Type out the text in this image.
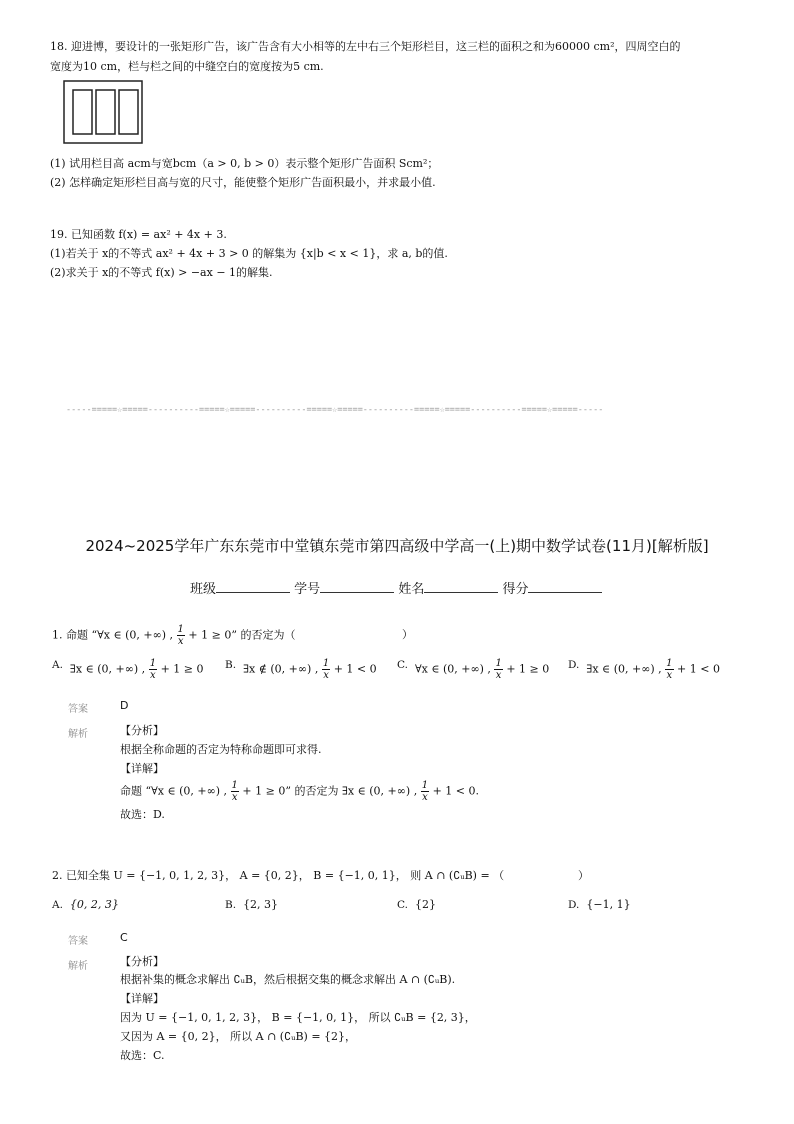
18. 迎进博，要设计的一张矩形广告，该广告含有大小相等的左中右三个矩形栏目，这三栏的面积之和为60000 cm²，四周空白的
宽度为10 cm，栏与栏之间的中缝空白的宽度按为5 cm.
(1) 试用栏目高 acm与宽bcm（a > 0, b > 0）表示整个矩形广告面积 Scm²；
(2) 怎样确定矩形栏目高与宽的尺寸，能使整个矩形广告面积最小，并求最小值.
19. 已知函数 f(x) = ax² + 4x + 3.
(1)若关于 x的不等式 ax² + 4x + 3 > 0 的解集为 {x|b < x < 1}，求 a, b的值.
(2)求关于 x的不等式 f(x) > −ax − 1的解集.
-----=====☆=====----------=====☆=====----------=====☆=====----------=====☆=====----------=====☆=====-----
2024~2025学年广东东莞市中堂镇东莞市第四高级中学高一(上)期中数学试卷(11月)[解析版]
班级	学号	姓名	得分
1. 命题 “∀x ∈ (0, +∞) , $\frac{1}{x} + 1 \ge 0$” 的否定为（	）
A. ∃x ∈ (0, +∞) , $\frac{1}{x} + 1 \ge 0$ B. ∃x ∉ (0, +∞) , $\frac{1}{x} + 1 < 0$ C. ∀x ∈ (0, +∞) , $\frac{1}{x} + 1 \ge 0$ D. ∃x ∈ (0, +∞) , $\frac{1}{x} + 1 < 0$
答案	D
解析	【分析】
根据全称命题的否定为特称命题即可求得.
【详解】
命题 “∀x ∈ (0, +∞) , $\frac{1}{x} + 1 \ge 0$” 的否定为 ∃x ∈ (0, +∞) , $\frac{1}{x} + 1 < 0$.
故选：D.
2. 已知全集 U = {−1, 0, 1, 2, 3}， A = {0, 2}， B = {−1, 0, 1}， 则 A ∩ (∁ᵤB) = （	）
A. {0, 2, 3}	B. {2, 3}	C. {2}	D. {−1, 1}
答案	C
解析	【分析】
根据补集的概念求解出 ∁ᵤB，然后根据交集的概念求解出 A ∩ (∁ᵤB).
【详解】
因为 U = {−1, 0, 1, 2, 3}， B = {−1, 0, 1}， 所以 ∁ᵤB = {2, 3}，
又因为 A = {0, 2}， 所以 A ∩ (∁ᵤB) = {2}，
故选：C.
